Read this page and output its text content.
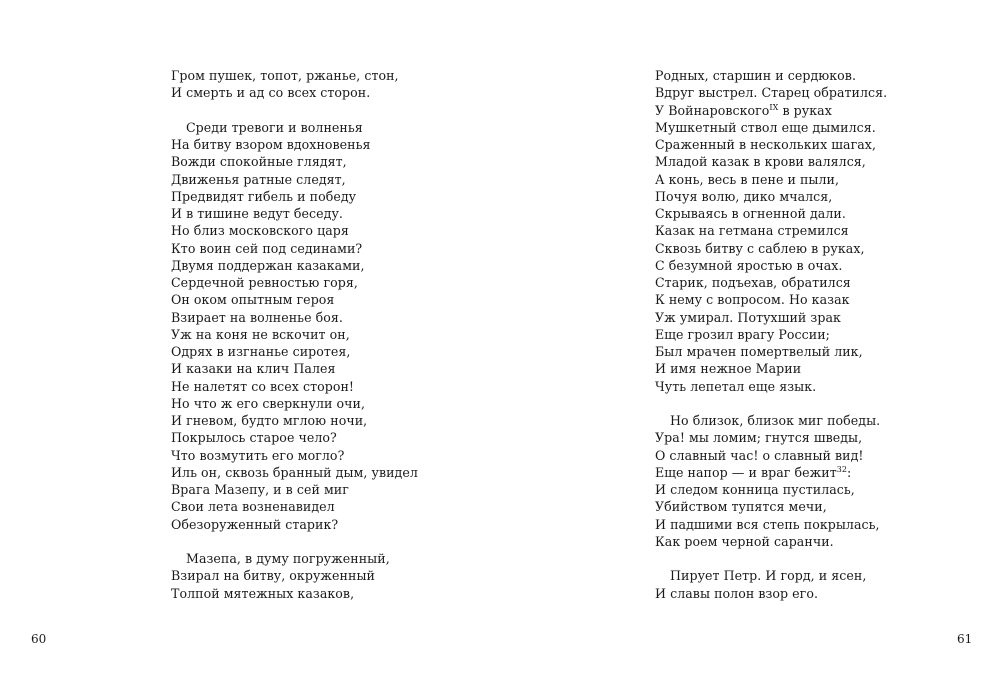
Гром пушек, топот, ржанье, стон,
И смерть и ад со всех сторон.
Среди тревоги и волненья
На битву взором вдохновенья
Вожди спокойные глядят,
Движенья ратные следят,
Предвидят гибель и победу
И в тишине ведут беседу.
Но близ московского царя
Кто воин сей под сединами?
Двумя поддержан казаками,
Сердечной ревностью горя,
Он оком опытным героя
Взирает на волненье боя.
Уж на коня не вскочит он,
Одрях в изгнанье сиротея,
И казаки на клич Палея
Не налетят со всех сторон!
Но что ж его сверкнули очи,
И гневом, будто мглою ночи,
Покрылось старое чело?
Что возмутить его могло?
Иль он, сквозь бранный дым, увидел
Врага Мазепу, и в сей миг
Свои лета возненавидел
Обезоруженный старик?
Мазепа, в думу погруженный,
Взирал на битву, окруженный
Толпой мятежных казаков,
60
Родных, старшин и сердюков.
Вдруг выстрел. Старец обратился.
У Войнаровского$^{IX}$ в руках
Мушкетный ствол еще дымился.
Сраженный в нескольких шагах,
Младой казак в крови валялся,
А конь, весь в пене и пыли,
Почуя волю, дико мчался,
Скрываясь в огненной дали.
Казак на гетмана стремился
Сквозь битву с саблею в руках,
С безумной яростью в очах.
Старик, подъехав, обратился
К нему с вопросом. Но казак
Уж умирал. Потухший зрак
Еще грозил врагу России;
Был мрачен помертвелый лик,
И имя нежное Марии
Чуть лепетал еще язык.
Но близок, близок миг победы.
Ура! мы ломим; гнутся шведы,
О славный час! о славный вид!
Еще напор — и враг бежит$^{32}$:
И следом конница пустилась,
Убийством тупятся мечи,
И падшими вся степь покрылась,
Как роем черной саранчи.
Пирует Петр. И горд, и ясен,
И славы полон взор его.
61
